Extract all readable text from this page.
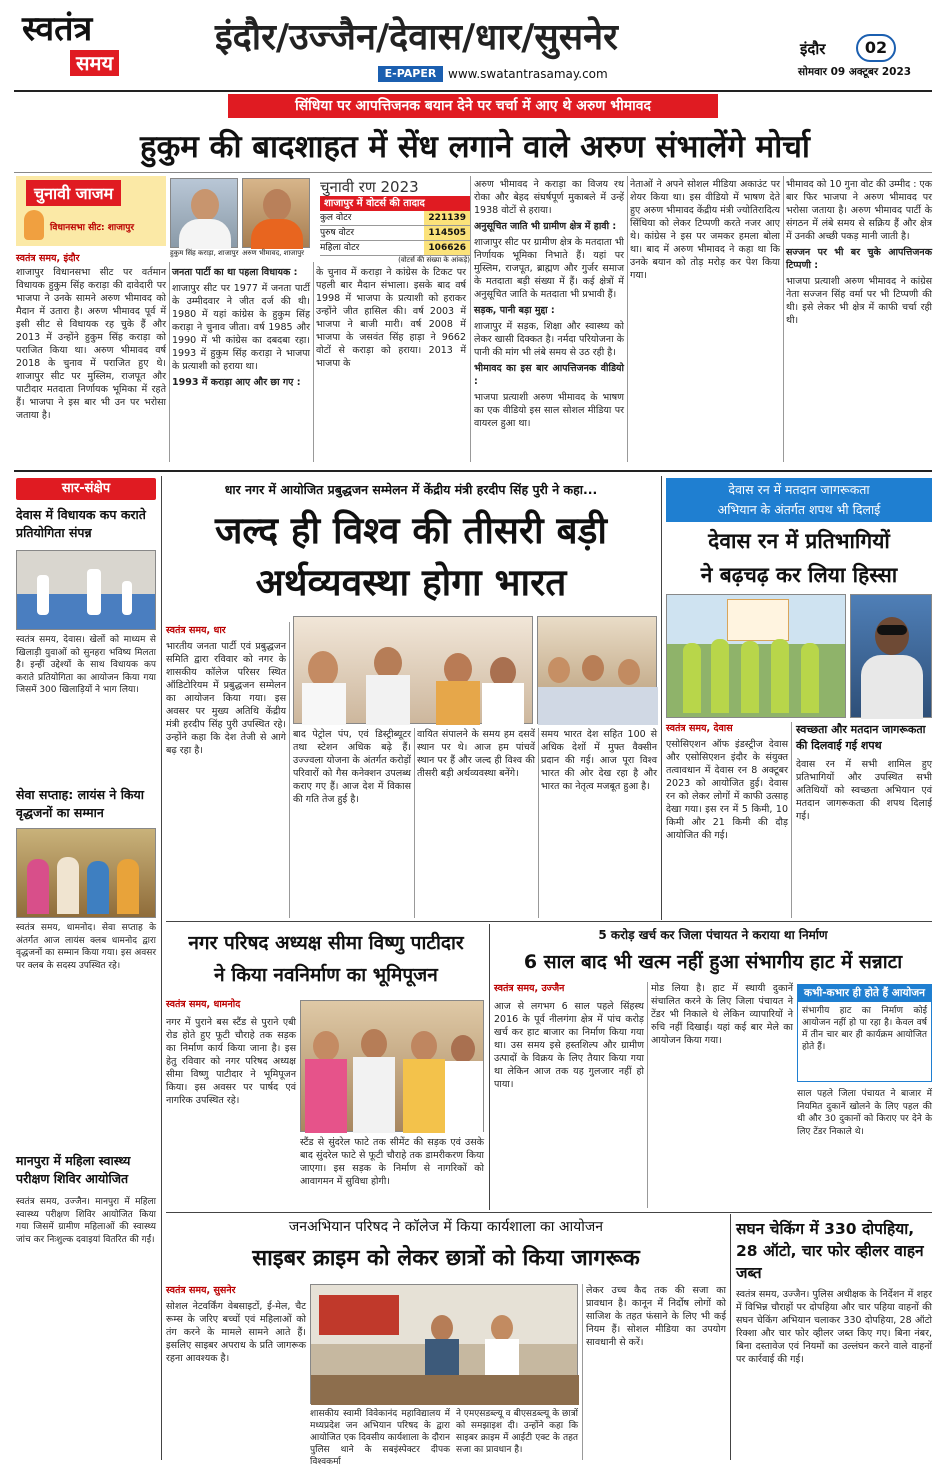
स्वतंत्र
समय
इंदौर/उज्जैन/देवास/धार/सुसनेर
E-PAPER www.swatantrasamay.com
इंदौर	02
सोमवार 09 अक्टूबर 2023
सिंधिया पर आपत्तिजनक बयान देने पर चर्चा में आए थे अरुण भीमावद
हुकुम की बादशाहत में सेंध लगाने वाले अरुण संभालेंगे मोर्चा
चुनावी जाजम
विधानसभा सीट: शाजापुर
हुकुम सिंह कराड़ा, शाजापुर अरुण भीमावद, शाजापुर
चुनावी रण 2023
शाजापुर में वोटर्स की तादाद
कुल वोटर	221139
पुरुष वोटर	114505
महिला वोटर	106626
(वोटर्स की संख्या के आंकड़े)
स्वतंत्र समय, इंदौर
शाजापुर विधानसभा सीट पर वर्तमान विधायक हुकुम सिंह कराड़ा की दावेदारी पर भाजपा ने उनके सामने अरुण भीमावद को मैदान में उतारा है। अरुण भीमावद पूर्व में इसी सीट से विधायक रह चुके हैं और 2013 में उन्होंने हुकुम सिंह कराड़ा को पराजित किया था। अरुण भीमावद वर्ष 2018 के चुनाव में पराजित हुए थे। शाजापुर सीट पर मुस्लिम, राजपूत और पाटीदार मतदाता निर्णायक भूमिका में रहते हैं। भाजपा ने इस बार भी उन पर भरोसा जताया है।

जनता पार्टी का था पहला विधायक :

शाजापुर सीट पर 1977 में जनता पार्टी के उम्मीदवार ने जीत दर्ज की थी। 1980 में यहां कांग्रेस के हुकुम सिंह कराड़ा ने चुनाव जीता। वर्ष 1985 और 1990 में भी कांग्रेस का दबदबा रहा। 1993 में हुकुम सिंह कराड़ा ने भाजपा के प्रत्याशी को हराया था।

1993 में कराड़ा आए और छा गए :

के चुनाव में कराड़ा ने कांग्रेस के टिकट पर पहली बार मैदान संभाला। इसके बाद वर्ष 1998 में भाजपा के प्रत्याशी को हराकर उन्होंने जीत हासिल की। वर्ष 2003 में भाजपा ने बाजी मारी। वर्ष 2008 में भाजपा के जसवंत सिंह हाड़ा ने 9662 वोटों से कराड़ा को हराया। 2013 में भाजपा के

अरुण भीमावद ने कराड़ा का विजय रथ रोका और बेहद संघर्षपूर्ण मुकाबले में उन्हें 1938 वोटों से हराया।

अनुसूचित जाति भी ग्रामीण क्षेत्र में हावी :

शाजापुर सीट पर ग्रामीण क्षेत्र के मतदाता भी निर्णायक भूमिका निभाते हैं। यहां पर मुस्लिम, राजपूत, ब्राह्मण और गुर्जर समाज के मतदाता बड़ी संख्या में हैं। कई क्षेत्रों में अनुसूचित जाति के मतदाता भी प्रभावी हैं।

सड़क, पानी बड़ा मुद्दा :

शाजापुर में सड़क, शिक्षा और स्वास्थ्य को लेकर खासी दिक्कत है। नर्मदा परियोजना के पानी की मांग भी लंबे समय से उठ रही है।

भीमावद का इस बार आपत्तिजनक वीडियो :

भाजपा प्रत्याशी अरुण भीमावद के भाषण का एक वीडियो इस साल सोशल मीडिया पर वायरल हुआ था।

नेताओं ने अपने सोशल मीडिया अकाउंट पर शेयर किया था। इस वीडियो में भाषण देते हुए अरुण भीमावद केंद्रीय मंत्री ज्योतिरादित्य सिंधिया को लेकर टिप्पणी करते नजर आए थे। कांग्रेस ने इस पर जमकर हमला बोला था। बाद में अरुण भीमावद ने कहा था कि उनके बयान को तोड़ मरोड़ कर पेश किया गया।

भीमावद को 10 गुना वोट की उम्मीद : एक बार फिर भाजपा ने अरुण भीमावद पर भरोसा जताया है। अरुण भीमावद पार्टी के संगठन में लंबे समय से सक्रिय हैं और क्षेत्र में उनकी अच्छी पकड़ मानी जाती है।

सज्जन पर भी बर चुके आपत्तिजनक टिप्पणी :

भाजपा प्रत्याशी अरुण भीमावद ने कांग्रेस नेता सज्जन सिंह वर्मा पर भी टिप्पणी की थी। इसे लेकर भी क्षेत्र में काफी चर्चा रही थी।

सार-संक्षेप
देवास में विधायक कप कराते प्रतियोगिता संपन्न
स्वतंत्र समय, देवास। खेलों को माध्यम से खिलाड़ी युवाओं को सुनहरा भविष्य मिलता है। इन्हीं उद्देश्यों के साथ विधायक कप कराते प्रतियोगिता का आयोजन किया गया जिसमें 300 खिलाड़ियों ने भाग लिया।
सेवा सप्ताह: लायंस ने किया वृद्धजनों का सम्मान
स्वतंत्र समय, धामनोद। सेवा सप्ताह के अंतर्गत आज लायंस क्लब धामनोद द्वारा वृद्धजनों का सम्मान किया गया। इस अवसर पर क्लब के सदस्य उपस्थित रहे।
मानपुरा में महिला स्वास्थ्य परीक्षण शिविर आयोजित
स्वतंत्र समय, उज्जैन। मानपुरा में महिला स्वास्थ्य परीक्षण शिविर आयोजित किया गया जिसमें ग्रामीण महिलाओं की स्वास्थ्य जांच कर निःशुल्क दवाइयां वितरित की गईं।
धार नगर में आयोजित प्रबुद्धजन सम्मेलन में केंद्रीय मंत्री हरदीप सिंह पुरी ने कहा...
जल्द ही विश्व की तीसरी बड़ी
अर्थव्यवस्था होगा भारत
स्वतंत्र समय, धार
भारतीय जनता पार्टी एवं प्रबुद्धजन समिति द्वारा रविवार को नगर के शासकीय कॉलेज परिसर स्थित ऑडिटोरियम में प्रबुद्धजन सम्मेलन का आयोजन किया गया। इस अवसर पर मुख्य अतिथि केंद्रीय मंत्री हरदीप सिंह पुरी उपस्थित रहे। उन्होंने कहा कि देश तेजी से आगे बढ़ रहा है।
बाद पेट्रोल पंप, एवं डिस्ट्रीब्यूटर तथा स्टेशन अधिक बढ़े हैं। उज्ज्वला योजना के अंतर्गत करोड़ों परिवारों को गैस कनेक्शन उपलब्ध कराए गए हैं। आज देश में विकास की गति तेज हुई है।
वायित संपालने के समय हम दसवें स्थान पर थे। आज हम पांचवें स्थान पर हैं और जल्द ही विश्व की तीसरी बड़ी अर्थव्यवस्था बनेंगे।
समय भारत देश सहित 100 से अधिक देशों में मुफ्त वैक्सीन प्रदान की गई। आज पूरा विश्व भारत की ओर देख रहा है और भारत का नेतृत्व मजबूत हुआ है।
देवास रन में मतदान जागरूकता
अभियान के अंतर्गत शपथ भी दिलाई
देवास रन में प्रतिभागियों
ने बढ़चढ़ कर लिया हिस्सा
स्वतंत्र समय, देवास
एसोसिएशन ऑफ इंडस्ट्रीज देवास और एसोसिएशन इंदौर के संयुक्त तत्वावधान में देवास रन 8 अक्टूबर 2023 को आयोजित हुई। देवास रन को लेकर लोगों में काफी उत्साह देखा गया। इस रन में 5 किमी, 10 किमी और 21 किमी की दौड़ आयोजित की गई।
स्वच्छता और मतदान जागरूकता की दिलवाई गई शपथ
देवास रन में सभी शामिल हुए प्रतिभागियों और उपस्थित सभी अतिथियों को स्वच्छता अभियान एवं मतदान जागरूकता की शपथ दिलाई गई।
नगर परिषद अध्यक्ष सीमा विष्णु पाटीदार
ने किया नवनिर्माण का भूमिपूजन
स्वतंत्र समय, धामनोद
नगर में पुराने बस स्टैंड से पुराने एबी रोड होते हुए फूटी चौराहे तक सड़क का निर्माण कार्य किया जाना है। इस हेतु रविवार को नगर परिषद अध्यक्ष सीमा विष्णु पाटीदार ने भूमिपूजन किया। इस अवसर पर पार्षद एवं नागरिक उपस्थित रहे।
स्टैंड से सुंदरेल फाटे तक सीमेंट की सड़क एवं उसके बाद सुंदरेल फाटे से फूटी चौराहे तक डामरीकरण किया जाएगा। इस सड़क के निर्माण से नागरिकों को आवागमन में सुविधा होगी।
5 करोड़ खर्च कर जिला पंचायत ने कराया था निर्माण
6 साल बाद भी खत्म नहीं हुआ संभागीय हाट में सन्नाटा
स्वतंत्र समय, उज्जैन
आज से लगभग 6 साल पहले सिंहस्थ 2016 के पूर्व नीलगंगा क्षेत्र में पांच करोड़ खर्च कर हाट बाजार का निर्माण किया गया था। उस समय इसे हस्तशिल्प और ग्रामीण उत्पादों के विक्रय के लिए तैयार किया गया था लेकिन आज तक यह गुलजार नहीं हो पाया।
मोड लिया है। हाट में स्थायी दुकानें संचालित करने के लिए जिला पंचायत ने टेंडर भी निकाले थे लेकिन व्यापारियों ने रुचि नहीं दिखाई। यहां कई बार मेले का आयोजन किया गया।
कभी-कभार ही होते हैं आयोजन
संभागीय हाट का निर्माण कोई आयोजन नहीं हो पा रहा है। केवल वर्ष में तीन चार बार ही कार्यक्रम आयोजित होते हैं।
साल पहले जिला पंचायत ने बाजार में नियमित दुकानें खोलने के लिए पहल की थी और 30 दुकानों को किराए पर देने के लिए टेंडर निकाले थे।
जनअभियान परिषद ने कॉलेज में किया कार्यशाला का आयोजन
साइबर क्राइम को लेकर छात्रों को किया जागरूक
स्वतंत्र समय, सुसनेर
सोशल नेटवर्किंग वेबसाइटों, ई-मेल, चैट रूम्स के जरिए बच्चों एवं महिलाओं को तंग करने के मामले सामने आते हैं। इसलिए साइबर अपराध के प्रति जागरूक रहना आवश्यक है।
शासकीय स्वामी विवेकानंद महाविद्यालय में मध्यप्रदेश जन अभियान परिषद के द्वारा आयोजित एक दिवसीय कार्यशाला के दौरान पुलिस थाने के सबइंस्पेक्टर दीपक विश्वकर्मा
ने एमएसडब्ल्यू व बीएसडब्ल्यू के छात्रों को समझाइश दी। उन्होंने कहा कि साइबर क्राइम में आईटी एक्ट के तहत सजा का प्रावधान है।
लेकर उच्च कैद तक की सजा का प्रावधान है। कानून में निर्दोष लोगों को साजिश के तहत फंसाने के लिए भी कई नियम हैं। सोशल मीडिया का उपयोग सावधानी से करें।
सघन चेकिंग में 330 दोपहिया, 28 ऑटो, चार फोर व्हीलर वाहन जब्त
स्वतंत्र समय, उज्जैन। पुलिस अधीक्षक के निर्देशन में शहर में विभिन्न चौराहों पर दोपहिया और चार पहिया वाहनों की सघन चेकिंग अभियान चलाकर 330 दोपहिया, 28 ऑटो रिक्शा और चार फोर व्हीलर जब्त किए गए। बिना नंबर, बिना दस्तावेज एवं नियमों का उल्लंघन करने वाले वाहनों पर कार्रवाई की गई।
